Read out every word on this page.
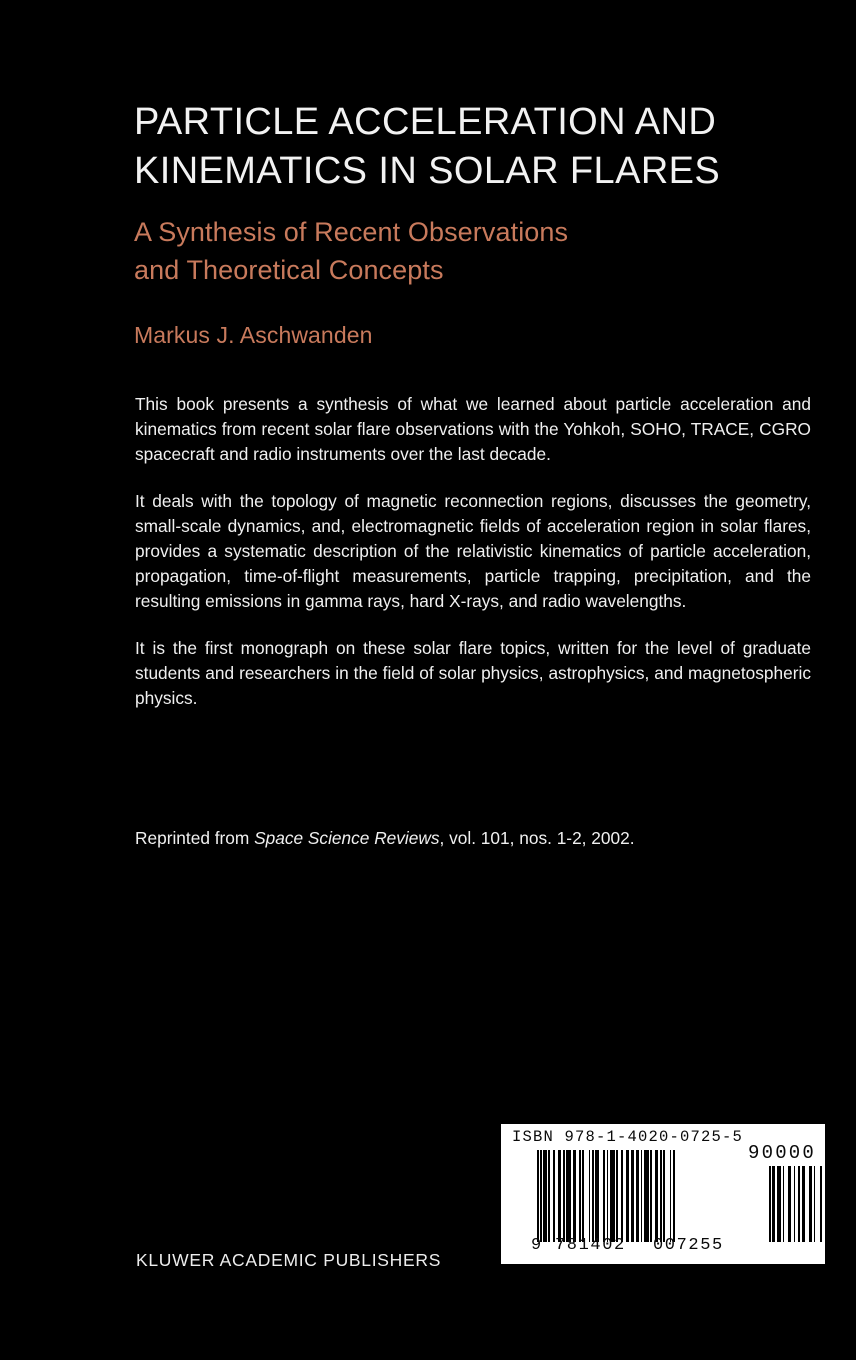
PARTICLE ACCELERATION AND
KINEMATICS IN SOLAR FLARES
A Synthesis of Recent Observations
and Theoretical Concepts
Markus J. Aschwanden

This book presents a synthesis of what we learned about particle acceleration and kinematics from recent solar flare observations with the Yohkoh, SOHO, TRACE, CGRO spacecraft and radio instruments over the last decade.

It deals with the topology of magnetic reconnection regions, discusses the geometry, small-scale dynamics, and, electromagnetic fields of acceleration region in solar flares, provides a systematic description of the relativistic kinematics of particle acceleration, propagation, time-of-flight measurements, particle trapping, precipitation, and the resulting emissions in gamma rays, hard X-rays, and radio wavelengths.

It is the first monograph on these solar flare topics, written for the level of graduate students and researchers in the field of solar physics, astrophysics, and magnetospheric physics.

Reprinted from Space Science Reviews, vol. 101, nos. 1-2, 2002.
KLUWER ACADEMIC PUBLISHERS
ISBN 978-1-4020-0725-5
90000
9 781402 007255
